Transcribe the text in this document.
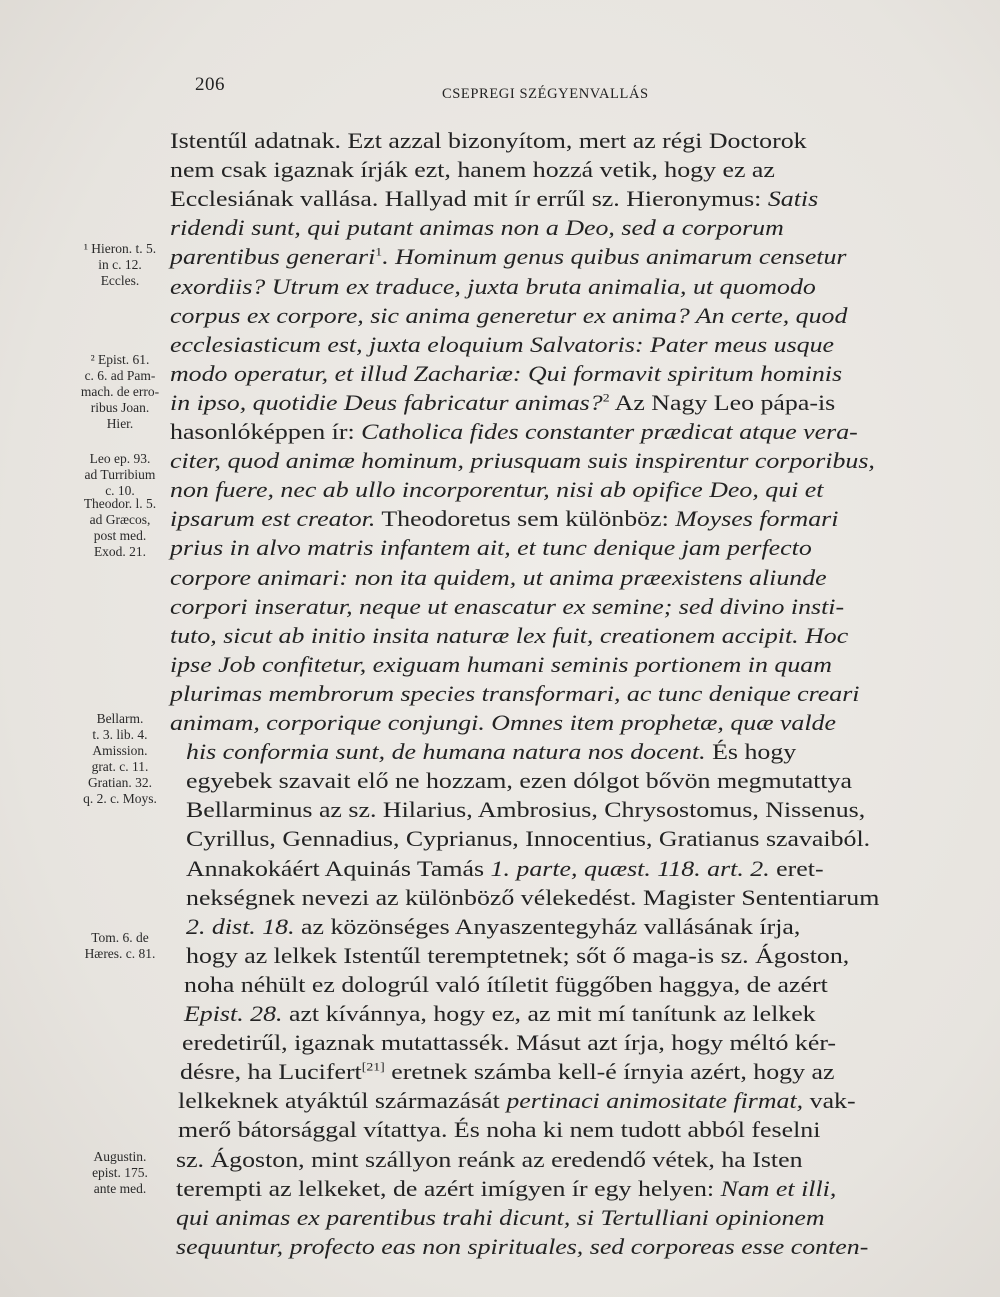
206	CSEPREGI SZÉGYENVALLÁS
¹ Hieron. t. 5.
in c. 12.
Eccles.
² Epist. 61.
c. 6. ad Pam-
mach. de erro-
ribus Joan.
Hier.
Leo ep. 93.
ad Turribium
c. 10.
Theodor. l. 5.
ad Græcos,
post med.
Exod. 21.
Bellarm.
t. 3. lib. 4.
Amission.
grat. c. 11.
Gratian. 32.
q. 2. c. Moys.
Tom. 6. de
Hæres. c. 81.
Augustin.
epist. 175.
ante med.
Istentűl adatnak. Ezt azzal bizonyítom, mert az régi Doctorok
nem csak igaznak írják ezt, hanem hozzá vetik, hogy ez az
Ecclesiának vallása. Hallyad mit ír errűl sz. Hieronymus: Satis
ridendi sunt, qui putant animas non a Deo, sed a corporum
parentibus generari$^1$. Hominum genus quibus animarum censetur
exordiis? Utrum ex traduce, juxta bruta animalia, ut quomodo
corpus ex corpore, sic anima generetur ex anima? An certe, quod
ecclesiasticum est, juxta eloquium Salvatoris: Pater meus usque
modo operatur, et illud Zachariæ: Qui formavit spiritum hominis
in ipso, quotidie Deus fabricatur animas?$^2$ Az Nagy Leo pápa-is
hasonlóképpen ír: Catholica fides constanter prædicat atque vera-
citer, quod animæ hominum, priusquam suis inspirentur corporibus,
non fuere, nec ab ullo incorporentur, nisi ab opifice Deo, qui et
ipsarum est creator. Theodoretus sem különböz: Moyses formari
prius in alvo matris infantem ait, et tunc denique jam perfecto
corpore animari: non ita quidem, ut anima præexistens aliunde
corpori inseratur, neque ut enascatur ex semine; sed divino insti-
tuto, sicut ab initio insita naturæ lex fuit, creationem accipit. Hoc
ipse Job confitetur, exiguam humani seminis portionem in quam
plurimas membrorum species transformari, ac tunc denique creari
animam, corporique conjungi. Omnes item prophetæ, quæ valde
his conformia sunt, de humana natura nos docent. És hogy
egyebek szavait elő ne hozzam, ezen dólgot bővön megmutattya
Bellarminus az sz. Hilarius, Ambrosius, Chrysostomus, Nissenus,
Cyrillus, Gennadius, Cyprianus, Innocentius, Gratianus szavaiból.
Annakokáért Aquinás Tamás 1. parte, quæst. 118. art. 2. eret-
nekségnek nevezi az különböző vélekedést. Magister Sententiarum
2. dist. 18. az közönséges Anyaszentegyház vallásának írja,
hogy az lelkek Istentűl teremptetnek; sőt ő maga-is sz. Ágoston,
noha néhült ez dologrúl való ítíletit függőben haggya, de azért
Epist. 28. azt kívánnya, hogy ez, az mit mí tanítunk az lelkek
eredetirűl, igaznak mutattassék. Másut azt írja, hogy méltó kér-
désre, ha Lucifert[21] eretnek számba kell-é írnyia azért, hogy az
lelkeknek atyáktúl származását pertinaci animositate firmat, vak-
merő bátorsággal vítattya. És noha ki nem tudott abból feselni
sz. Ágoston, mint szállyon reánk az eredendő vétek, ha Isten
terempti az lelkeket, de azért imígyen ír egy helyen: Nam et illi,
qui animas ex parentibus trahi dicunt, si Tertulliani opinionem
sequuntur, profecto eas non spirituales, sed corporeas esse conten-
